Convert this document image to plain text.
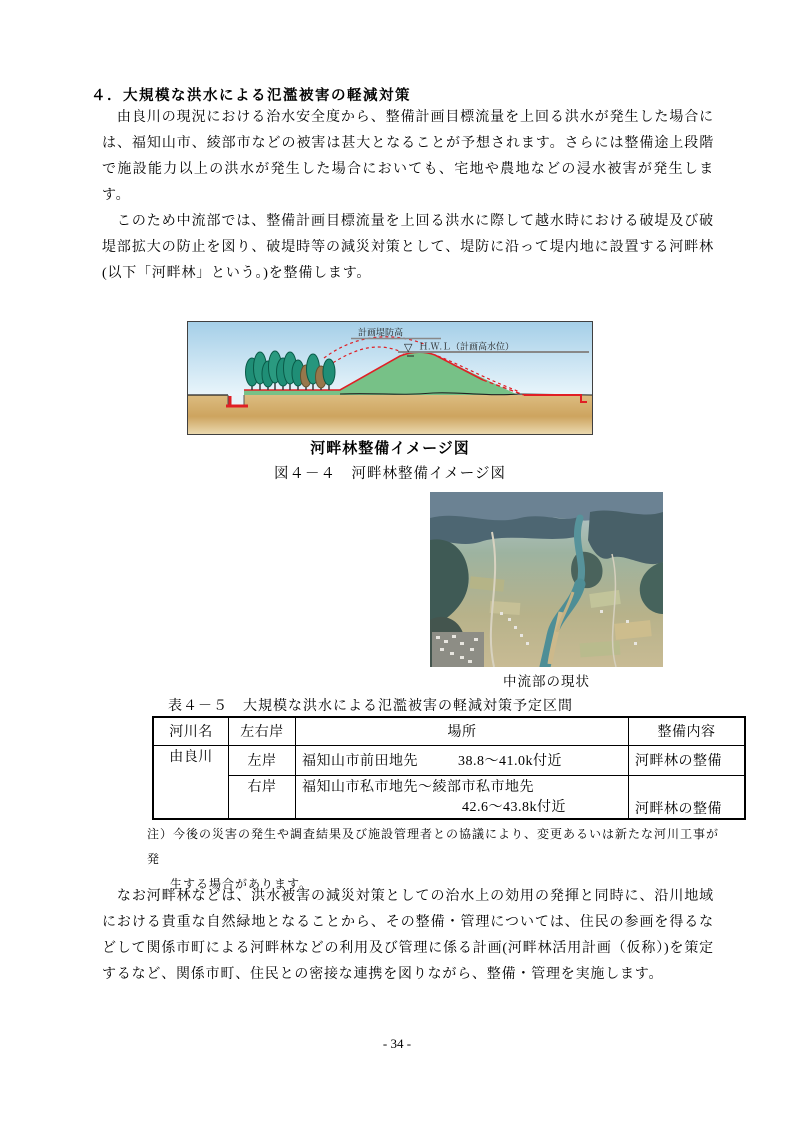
４．大規模な洪水による氾濫被害の軽減対策

　由良川の現況における治水安全度から、整備計画目標流量を上回る洪水が発生した場合には、福知山市、綾部市などの被害は甚大となることが予想されます。さらには整備途上段階で施設能力以上の洪水が発生した場合においても、宅地や農地などの浸水被害が発生します。

　このため中流部では、整備計画目標流量を上回る洪水に際して越水時における破堤及び破堤部拡大の防止を図り、破堤時等の減災対策として、堤防に沿って堤内地に設置する河畔林(以下「河畔林」という。)を整備します。

計画堤防高
▽ Ｈ.Ｗ.Ｌ（計画高水位）

河畔林整備イメージ図

図４－４　河畔林整備イメージ図

中流部の現状

表４－５　大規模な洪水による氾濫被害の軽減対策予定区間

河川名	左右岸	場所	整備内容
由良川	左岸	福知山市前田地先 38.8～41.0k付近	河畔林の整備
	右岸	福知山市私市地先～綾部市私市地先
42.6～43.8k付近	河畔林の整備
注）今後の災害の発生や調査結果及び施設管理者との協議により、変更あるいは新たな河川工事が発
生する場合があります。

　なお河畔林などは、洪水被害の減災対策としての治水上の効用の発揮と同時に、沿川地域における貴重な自然緑地となることから、その整備・管理については、住民の参画を得るなどして関係市町による河畔林などの利用及び管理に係る計画(河畔林活用計画（仮称）)を策定するなど、関係市町、住民との密接な連携を図りながら、整備・管理を実施します。

- 34 -
